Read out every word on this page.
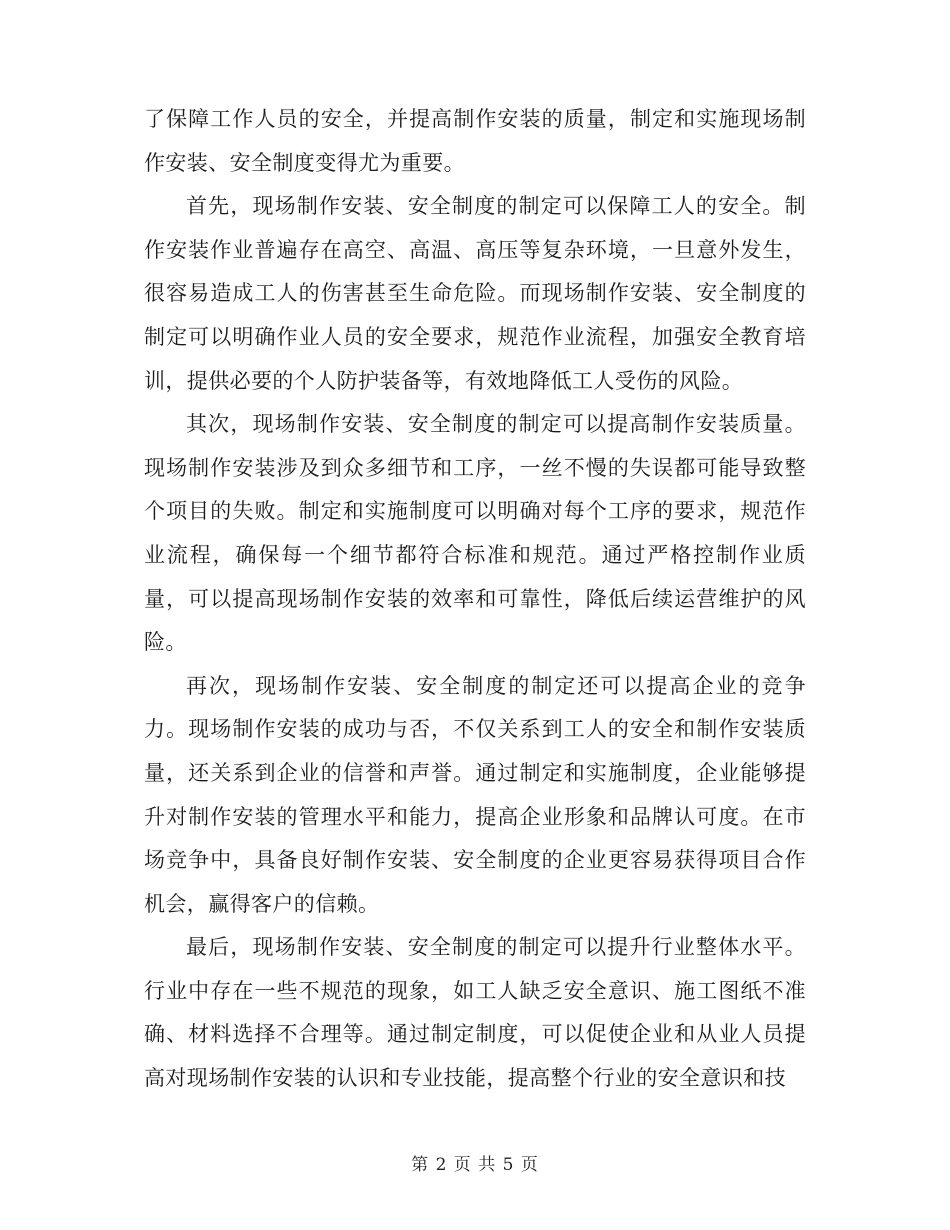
了保障工作人员的安全，并提高制作安装的质量，制定和实施现场制作安装、安全制度变得尤为重要。

首先，现场制作安装、安全制度的制定可以保障工人的安全。制作安装作业普遍存在高空、高温、高压等复杂环境，一旦意外发生，很容易造成工人的伤害甚至生命危险。而现场制作安装、安全制度的制定可以明确作业人员的安全要求，规范作业流程，加强安全教育培训，提供必要的个人防护装备等，有效地降低工人受伤的风险。

其次，现场制作安装、安全制度的制定可以提高制作安装质量。现场制作安装涉及到众多细节和工序，一丝不慢的失误都可能导致整个项目的失败。制定和实施制度可以明确对每个工序的要求，规范作业流程，确保每一个细节都符合标准和规范。通过严格控制作业质量，可以提高现场制作安装的效率和可靠性，降低后续运营维护的风险。

再次，现场制作安装、安全制度的制定还可以提高企业的竞争力。现场制作安装的成功与否，不仅关系到工人的安全和制作安装质量，还关系到企业的信誉和声誉。通过制定和实施制度，企业能够提升对制作安装的管理水平和能力，提高企业形象和品牌认可度。在市场竞争中，具备良好制作安装、安全制度的企业更容易获得项目合作机会，赢得客户的信赖。

最后，现场制作安装、安全制度的制定可以提升行业整体水平。行业中存在一些不规范的现象，如工人缺乏安全意识、施工图纸不准确、材料选择不合理等。通过制定制度，可以促使企业和从业人员提高对现场制作安装的认识和专业技能，提高整个行业的安全意识和技

第 2 页 共 5 页
